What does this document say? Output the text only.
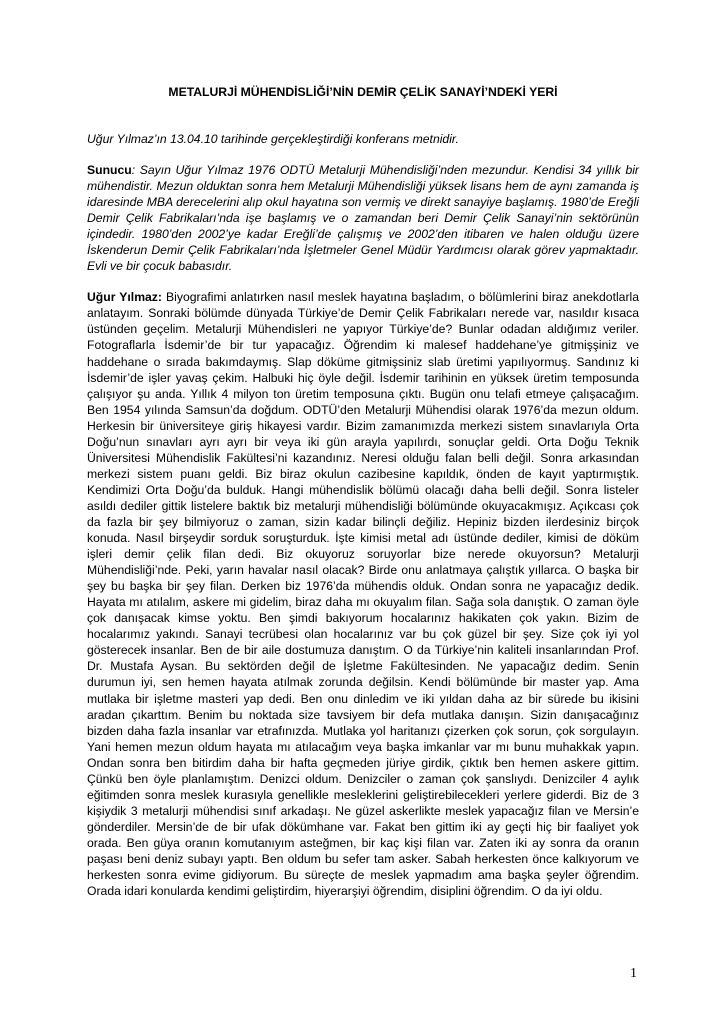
METALURJİ MÜHENDİSLİĞİ’NİN DEMİR ÇELİK SANAYİ’NDEKİ YERİ

Uğur Yılmaz’ın 13.04.10 tarihinde gerçekleştirdiği konferans metnidir.

Sunucu: Sayın Uğur Yılmaz 1976 ODTÜ Metalurji Mühendisliği’nden mezundur. Kendisi 34 yıllık bir mühendistir. Mezun olduktan sonra hem Metalurji Mühendisliği yüksek lisans hem de aynı zamanda iş idaresinde MBA derecelerini alıp okul hayatına son vermiş ve direkt sanayiye başlamış. 1980’de Ereğli Demir Çelik Fabrikaları’nda işe başlamış ve o zamandan beri Demir Çelik Sanayi’nin sektörünün içindedir. 1980’den 2002’ye kadar Ereğli’de çalışmış ve 2002’den itibaren ve halen olduğu üzere İskenderun Demir Çelik Fabrikaları’nda İşletmeler Genel Müdür Yardımcısı olarak görev yapmaktadır. Evli ve bir çocuk babasıdır.

Uğur Yılmaz: Biyografimi anlatırken nasıl meslek hayatına başladım, o bölümlerini biraz anekdotlarla anlatayım. Sonraki bölümde dünyada Türkiye’de Demir Çelik Fabrikaları nerede var, nasıldır kısaca üstünden geçelim. Metalurji Mühendisleri ne yapıyor Türkiye’de? Bunlar odadan aldığımız veriler. Fotograflarla İsdemir’de bir tur yapacağız. Öğrendim ki malesef haddehane’ye gitmişşiniz ve haddehane o sırada bakımdaymış. Slap döküme gitmişsiniz slab üretimi yapılıyormuş. Sandınız ki İsdemir’de işler yavaş çekim. Halbuki hiç öyle değil. İsdemir tarihinin en yüksek üretim temposunda çalışıyor şu anda. Yıllık 4 milyon ton üretim temposuna çıktı. Bugün onu telafi etmeye çalışacağım. Ben 1954 yılında Samsun’da doğdum. ODTÜ’den Metalurji Mühendisi olarak 1976’da mezun oldum. Herkesin bir üniversiteye giriş hikayesi vardır. Bizim zamanımızda merkezi sistem sınavlarıyla Orta Doğu’nun sınavları ayrı ayrı bir veya iki gün arayla yapılırdı, sonuçlar geldi. Orta Doğu Teknik Üniversitesi Mühendislik Fakültesi’ni kazandınız. Neresi olduğu falan belli değil. Sonra arkasından merkezi sistem puanı geldi. Biz biraz okulun cazibesine kapıldık, önden de kayıt yaptırmıştık. Kendimizi Orta Doğu’da bulduk. Hangi mühendislik bölümü olacağı daha belli değil. Sonra listeler asıldı dediler gittik listelere baktık biz metalurji mühendisliği bölümünde okuyacakmışız. Açıkcası çok da fazla bir şey bilmiyoruz o zaman, sizin kadar bilinçli değiliz. Hepiniz bizden ilerdesiniz birçok konuda. Nasıl birşeydir sorduk soruşturduk. İşte kimisi metal adı üstünde dediler, kimisi de döküm işleri demir çelik filan dedi. Biz okuyoruz soruyorlar bize nerede okuyorsun? Metalurji Mühendisliği’nde. Peki, yarın havalar nasıl olacak? Birde onu anlatmaya çalıştık yıllarca. O başka bir şey bu başka bir şey filan. Derken biz 1976’da mühendis olduk. Ondan sonra ne yapacağız dedik. Hayata mı atılalım, askere mi gidelim, biraz daha mı okuyalım filan. Sağa sola danıştık. O zaman öyle çok danışacak kimse yoktu. Ben şimdi bakıyorum hocalarınız hakikaten çok yakın. Bizim de hocalarımız yakındı. Sanayi tecrübesi olan hocalarınız var bu çok güzel bir şey. Size çok iyi yol gösterecek insanlar. Ben de bir aile dostumuza danıştım. O da Türkiye’nin kaliteli insanlarından Prof. Dr. Mustafa Aysan. Bu sektörden değil de İşletme Fakültesinden. Ne yapacağız dedim. Senin durumun iyi, sen hemen hayata atılmak zorunda değilsin. Kendi bölümünde bir master yap. Ama mutlaka bir işletme masteri yap dedi. Ben onu dinledim ve iki yıldan daha az bir sürede bu ikisini aradan çıkarttım. Benim bu noktada size tavsiyem bir defa mutlaka danışın. Sizin danışacağınız bizden daha fazla insanlar var etrafınızda. Mutlaka yol haritanızı çizerken çok sorun, çok sorgulayın. Yani hemen mezun oldum hayata mı atılacağım veya başka imkanlar var mı bunu muhakkak yapın. Ondan sonra ben bitirdim daha bir hafta geçmeden jüriye girdik, çıktık ben hemen askere gittim. Çünkü ben öyle planlamıştım. Denizci oldum. Denizciler o zaman çok şanslıydı. Denizciler 4 aylık eğitimden sonra meslek kurasıyla genellikle mesleklerini geliştirebilecekleri yerlere giderdi. Biz de 3 kişiydik 3 metalurji mühendisi sınıf arkadaşı. Ne güzel askerlikte meslek yapacağız filan ve Mersin’e gönderdiler. Mersin’de de bir ufak dökümhane var. Fakat ben gittim iki ay geçti hiç bir faaliyet yok orada. Ben güya oranın komutanıyım asteğmen, bir kaç kişi filan var. Zaten iki ay sonra da oranın paşası beni deniz subayı yaptı. Ben oldum bu sefer tam asker. Sabah herkesten önce kalkıyorum ve herkesten sonra evime gidiyorum. Bu süreçte de meslek yapmadım ama başka şeyler öğrendim. Orada idari konularda kendimi geliştirdim, hiyerarşiyi öğrendim, disiplini öğrendim. O da iyi oldu.

1
